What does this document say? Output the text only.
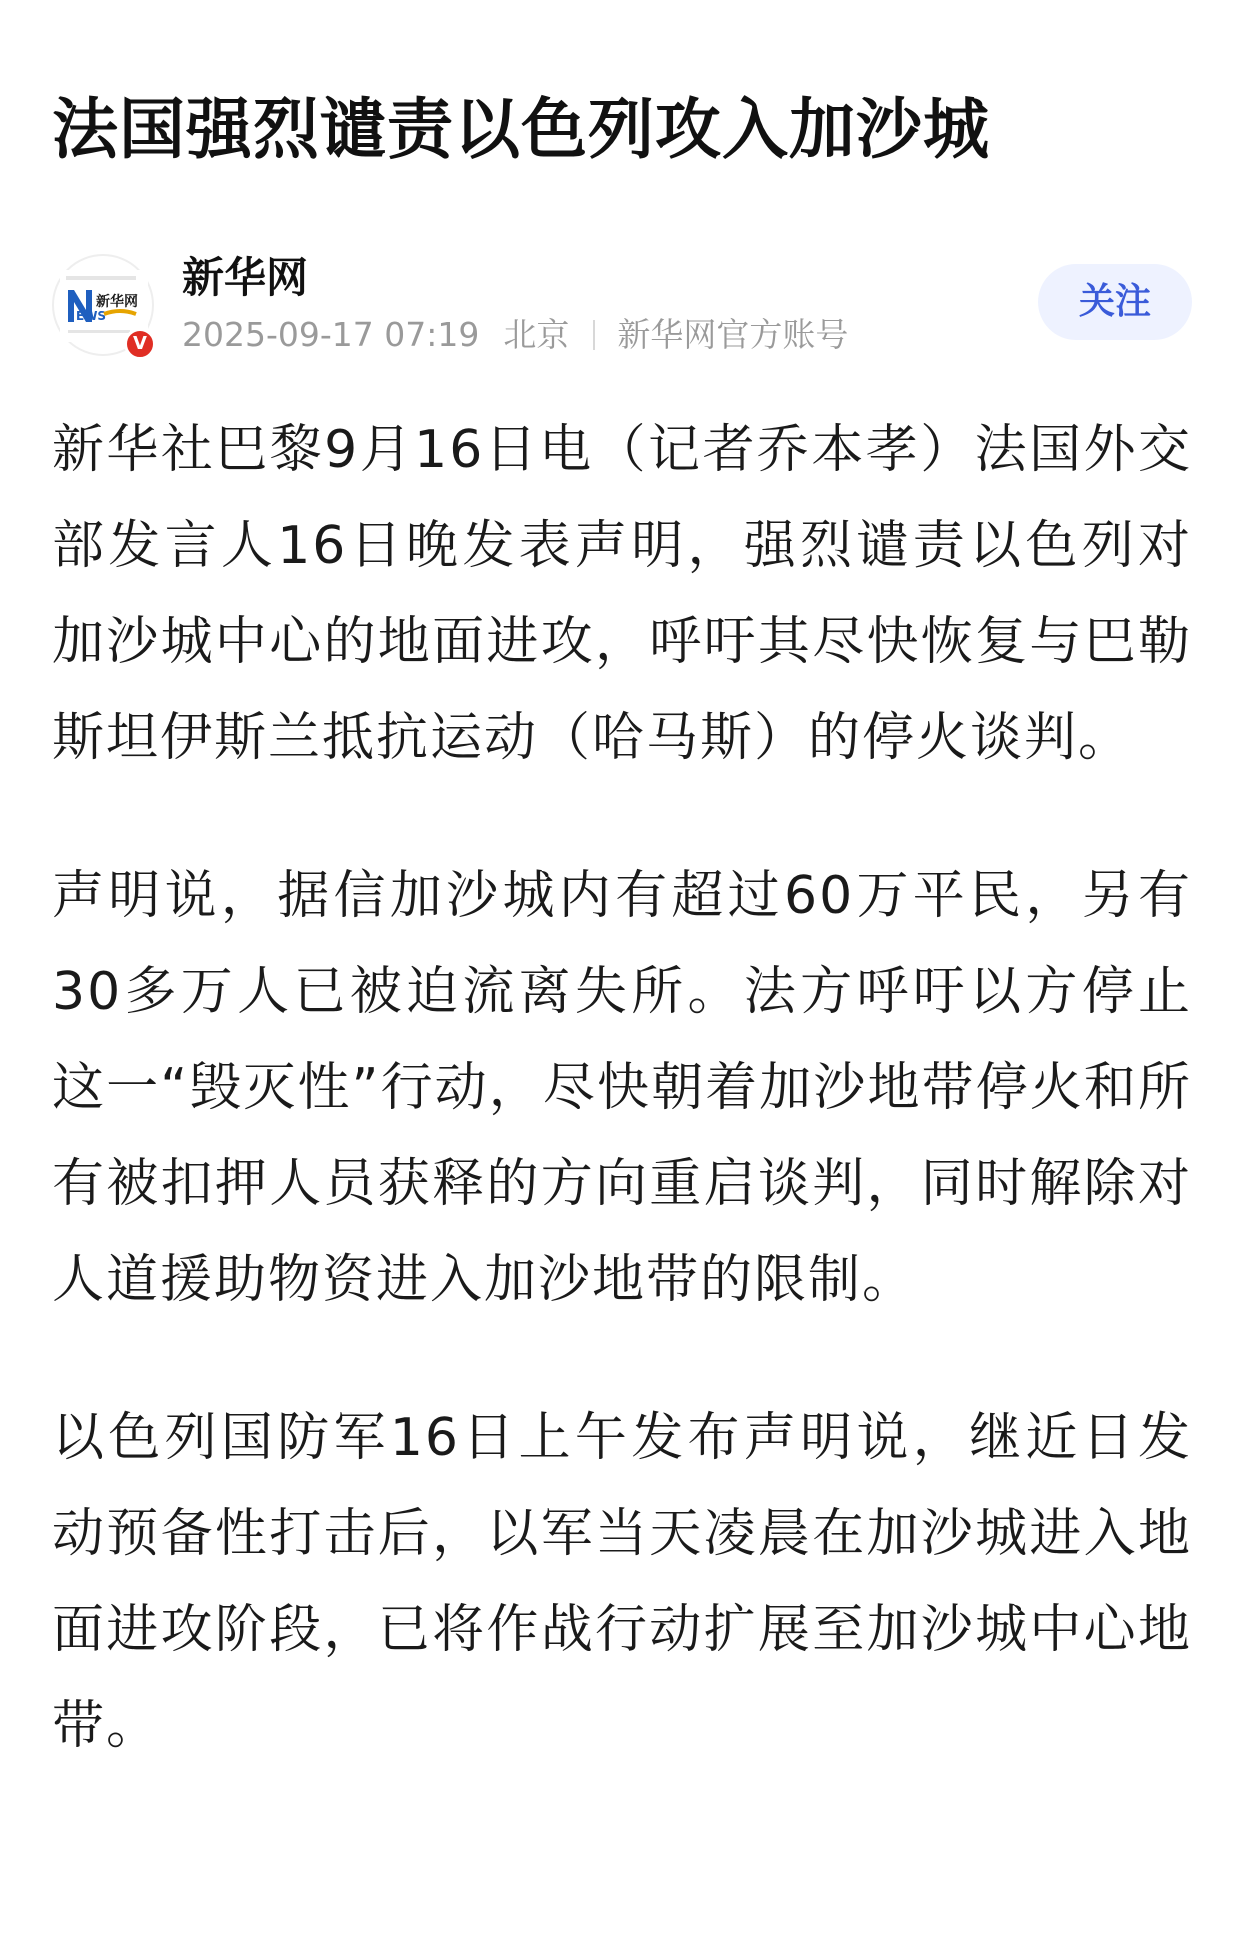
法国强烈谴责以色列攻入加沙城
新华网
EWS
V
新华网
2025-09-17 07:19 北京 新华网官方账号
关注

新华社巴黎9月16日电（记者乔本孝）法国外交部发言人16日晚发表声明，强烈谴责以色列对加沙城中心的地面进攻，呼吁其尽快恢复与巴勒斯坦伊斯兰抵抗运动（哈马斯）的停火谈判。

声明说，据信加沙城内有超过60万平民，另有30多万人已被迫流离失所。法方呼吁以方停止这一“毁灭性”行动，尽快朝着加沙地带停火和所有被扣押人员获释的方向重启谈判，同时解除对人道援助物资进入加沙地带的限制。

以色列国防军16日上午发布声明说，继近日发动预备性打击后，以军当天凌晨在加沙城进入地面进攻阶段，已将作战行动扩展至加沙城中心地带。
